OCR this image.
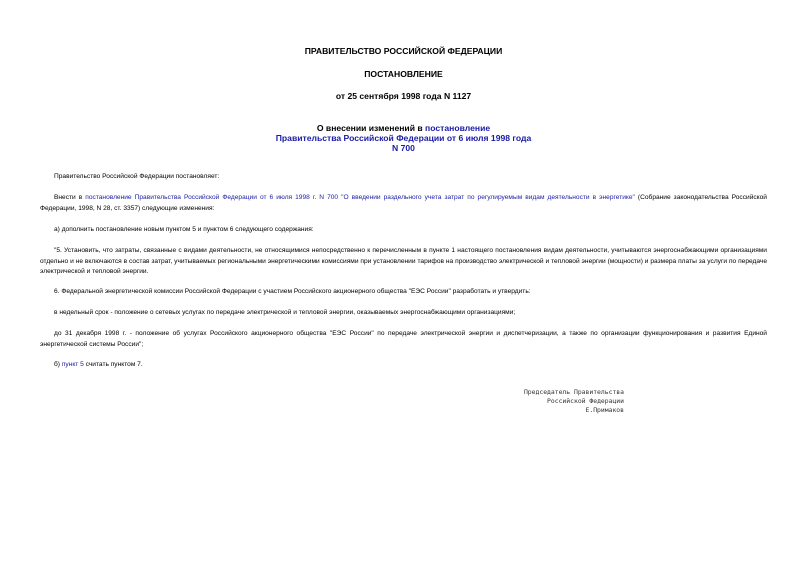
ПРАВИТЕЛЬСТВО РОССИЙСКОЙ ФЕДЕРАЦИИ
ПОСТАНОВЛЕНИЕ
от 25 сентября 1998 года N 1127
О внесении изменений в постановление
Правительства Российской Федерации от 6 июля 1998 года
N 700
Правительство Российской Федерации постановляет:
Внести в постановление Правительства Российской Федерации от 6 июля 1998 г. N 700 "О введении раздельного учета затрат по регулируемым видам деятельности в энергетике" (Собрание законодательства Российской Федерации, 1998, N 28, ст. 3357) следующие изменения:
а) дополнить постановление новым пунктом 5 и пунктом 6 следующего содержания:
"5. Установить, что затраты, связанные с видами деятельности, не относящимися непосредственно к перечисленным в пункте 1 настоящего постановления видам деятельности, учитываются энергоснабжающими организациями отдельно и не включаются в состав затрат, учитываемых региональными энергетическими комиссиями при установлении тарифов на производство электрической и тепловой энергии (мощности) и размера платы за услуги по передаче электрической и тепловой энергии.
6. Федеральной энергетической комиссии Российской Федерации с участием Российского акционерного общества "ЕЭС России" разработать и утвердить:
в недельный срок - положение о сетевых услугах по передаче электрической и тепловой энергии, оказываемых энергоснабжающими организациями;
до 31 декабря 1998 г. - положение об услугах Российского акционерного общества "ЕЭС России" по передаче электрической энергии и диспетчеризации, а также по организации функционирования и развития Единой энергетической системы России";
б) пункт 5 считать пунктом 7.
Председатель Правительства
Российской Федерации
Е.Примаков
